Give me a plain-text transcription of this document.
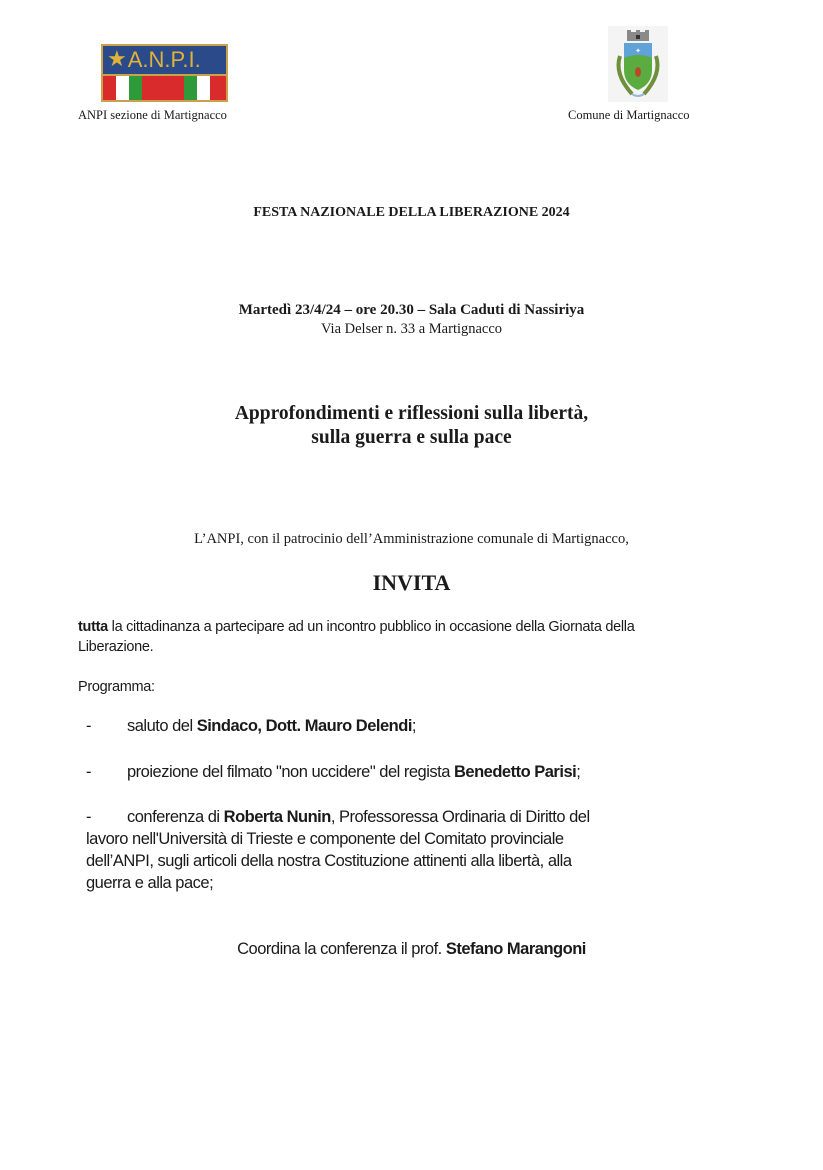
★ A.N.P.I.
ANPI sezione di Martignacco
✦
Comune di Martignacco
FESTA NAZIONALE DELLA LIBERAZIONE 2024
Martedì 23/4/24 – ore 20.30 – Sala Caduti di Nassiriya
Via Delser n. 33 a Martignacco
Approfondimenti e riflessioni sulla libertà,
sulla guerra e sulla pace
L’ANPI, con il patrocinio dell’Amministrazione comunale di Martignacco,
INVITA
tutta la cittadinanza a partecipare ad un incontro pubblico in occasione della Giornata della
Liberazione.
Programma:
- saluto del Sindaco, Dott. Mauro Delendi;
- proiezione del filmato "non uccidere" del regista Benedetto Parisi;
- conferenza di Roberta Nunin, Professoressa Ordinaria di Diritto del
lavoro nell'Università di Trieste e componente del Comitato provinciale
dell’ANPI, sugli articoli della nostra Costituzione attinenti alla libertà, alla
guerra e alla pace;
Coordina la conferenza il prof. Stefano Marangoni
